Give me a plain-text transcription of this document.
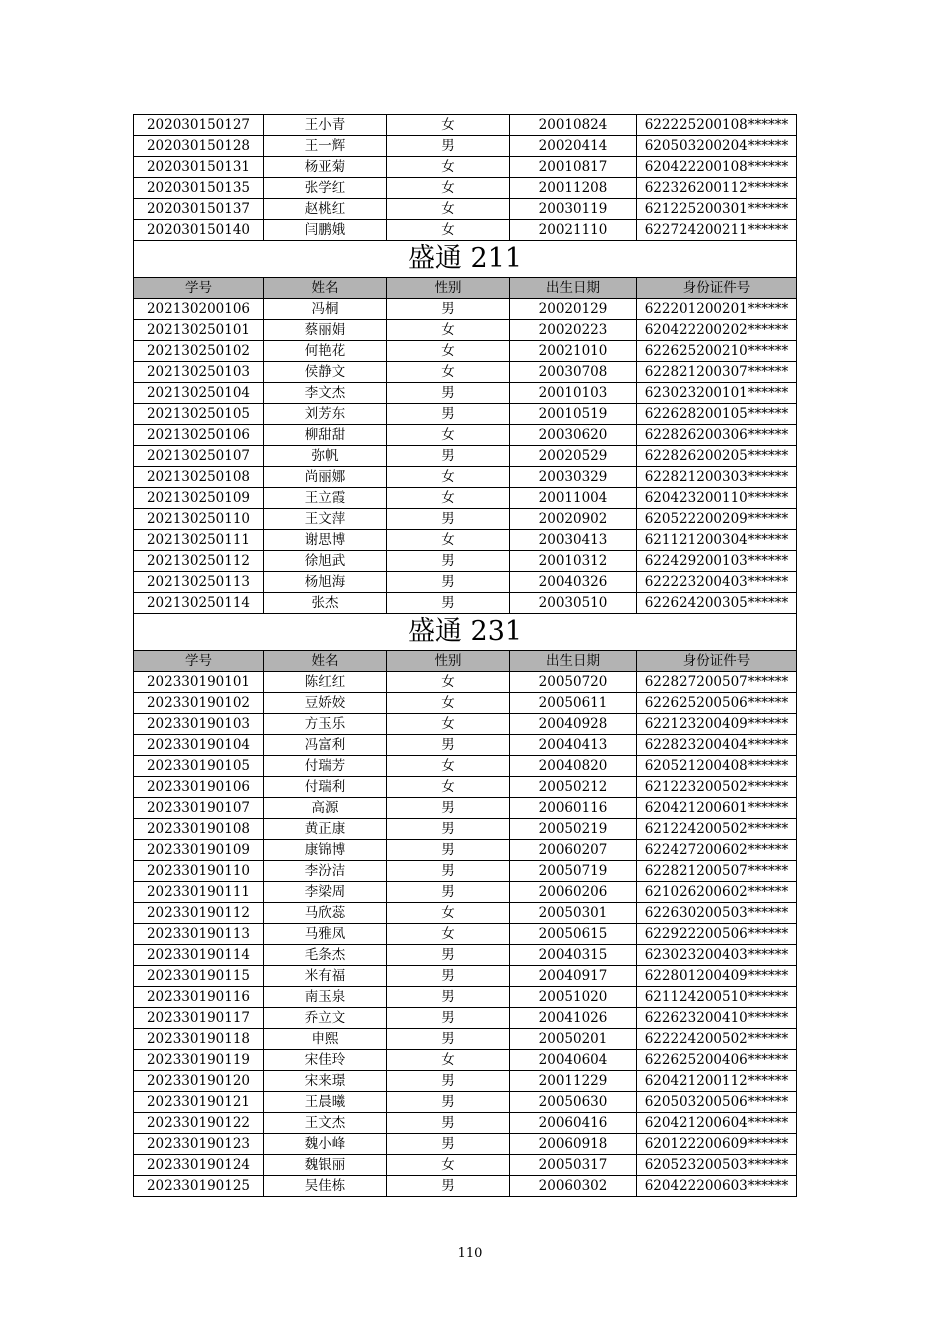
202030150127	王小青	女	20010824	622225200108******
202030150128	王一辉	男	20020414	620503200204******
202030150131	杨亚菊	女	20010817	620422200108******
202030150135	张学红	女	20011208	622326200112******
202030150137	赵桃红	女	20030119	621225200301******
202030150140	闫鹏娥	女	20021110	622724200211******
盛通 211				
学号	姓名	性别	出生日期	身份证件号
202130200106	冯桐	男	20020129	622201200201******
202130250101	蔡丽娟	女	20020223	620422200202******
202130250102	何艳花	女	20021010	622625200210******
202130250103	侯静文	女	20030708	622821200307******
202130250104	李文杰	男	20010103	623023200101******
202130250105	刘芳东	男	20010519	622628200105******
202130250106	柳甜甜	女	20030620	622826200306******
202130250107	弥帆	男	20020529	622826200205******
202130250108	尚丽娜	女	20030329	622821200303******
202130250109	王立霞	女	20011004	620423200110******
202130250110	王文萍	男	20020902	620522200209******
202130250111	谢思博	女	20030413	621121200304******
202130250112	徐旭武	男	20010312	622429200103******
202130250113	杨旭海	男	20040326	622223200403******
202130250114	张杰	男	20030510	622624200305******
盛通 231				
学号	姓名	性别	出生日期	身份证件号
202330190101	陈红红	女	20050720	622827200507******
202330190102	豆娇姣	女	20050611	622625200506******
202330190103	方玉乐	女	20040928	622123200409******
202330190104	冯富利	男	20040413	622823200404******
202330190105	付瑞芳	女	20040820	620521200408******
202330190106	付瑞利	女	20050212	621223200502******
202330190107	高源	男	20060116	620421200601******
202330190108	黄正康	男	20050219	621224200502******
202330190109	康锦博	男	20060207	622427200602******
202330190110	李汾洁	男	20050719	622821200507******
202330190111	李梁周	男	20060206	621026200602******
202330190112	马欣蕊	女	20050301	622630200503******
202330190113	马雅凤	女	20050615	622922200506******
202330190114	毛条杰	男	20040315	623023200403******
202330190115	米有福	男	20040917	622801200409******
202330190116	南玉泉	男	20051020	621124200510******
202330190117	乔立文	男	20041026	622623200410******
202330190118	申熙	男	20050201	622224200502******
202330190119	宋佳玲	女	20040604	622625200406******
202330190120	宋来璟	男	20011229	620421200112******
202330190121	王晨曦	男	20050630	620503200506******
202330190122	王文杰	男	20060416	620421200604******
202330190123	魏小峰	男	20060918	620122200609******
202330190124	魏银丽	女	20050317	620523200503******
202330190125	吴佳栋	男	20060302	620422200603******
110
